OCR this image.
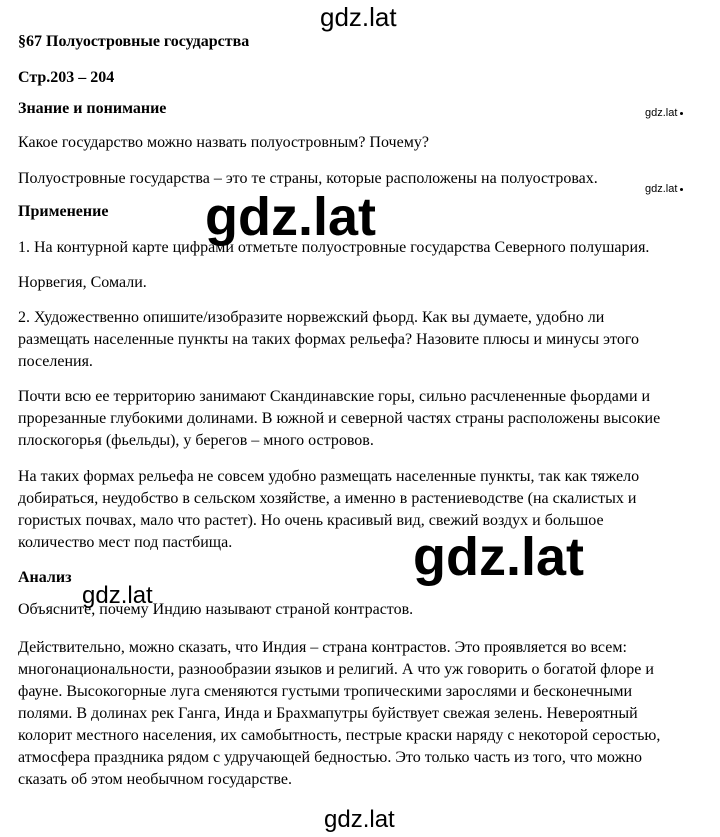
gdz.lat
gdz.lat
gdz.lat
§67 Полуостровные государства
Стр.203 – 204
Знание и понимание
Какое государство можно назвать полуостровным? Почему?
Полуостровные государства – это те страны, которые расположены на полуостровах.
Применение
1. На контурной карте цифрами отметьте полуостровные государства Северного полушария.
Норвегия, Сомали.
2. Художественно опишите/изобразите норвежский фьорд. Как вы думаете, удобно ли
размещать населенные пункты на таких формах рельефа? Назовите плюсы и минусы этого
поселения.
Почти всю ее территорию занимают Скандинавские горы, сильно расчлененные фьордами и
прорезанные глубокими долинами. В южной и северной частях страны расположены высокие
плоскогорья (фьельды), у берегов – много островов.
На таких формах рельефа не совсем удобно размещать населенные пункты, так как тяжело
добираться, неудобство в сельском хозяйстве, а именно в растениеводстве (на скалистых и
гористых почвах, мало что растет). Но очень красивый вид, свежий воздух и большое
количество мест под пастбища.
Анализ
Объясните, почему Индию называют страной контрастов.
Действительно, можно сказать, что Индия – страна контрастов. Это проявляется во всем:
многонациональности, разнообразии языков и религий. А что уж говорить о богатой флоре и
фауне. Высокогорные луга сменяются густыми тропическими зарослями и бесконечными
полями. В долинах рек Ганга, Инда и Брахмапутры буйствует свежая зелень. Невероятный
колорит местного населения, их самобытность, пестрые краски наряду с некоторой серостью,
атмосфера праздника рядом с удручающей бедностью. Это только часть из того, что можно
сказать об этом необычном государстве.
gdz.lat
gdz.lat
gdz.lat
gdz.lat
